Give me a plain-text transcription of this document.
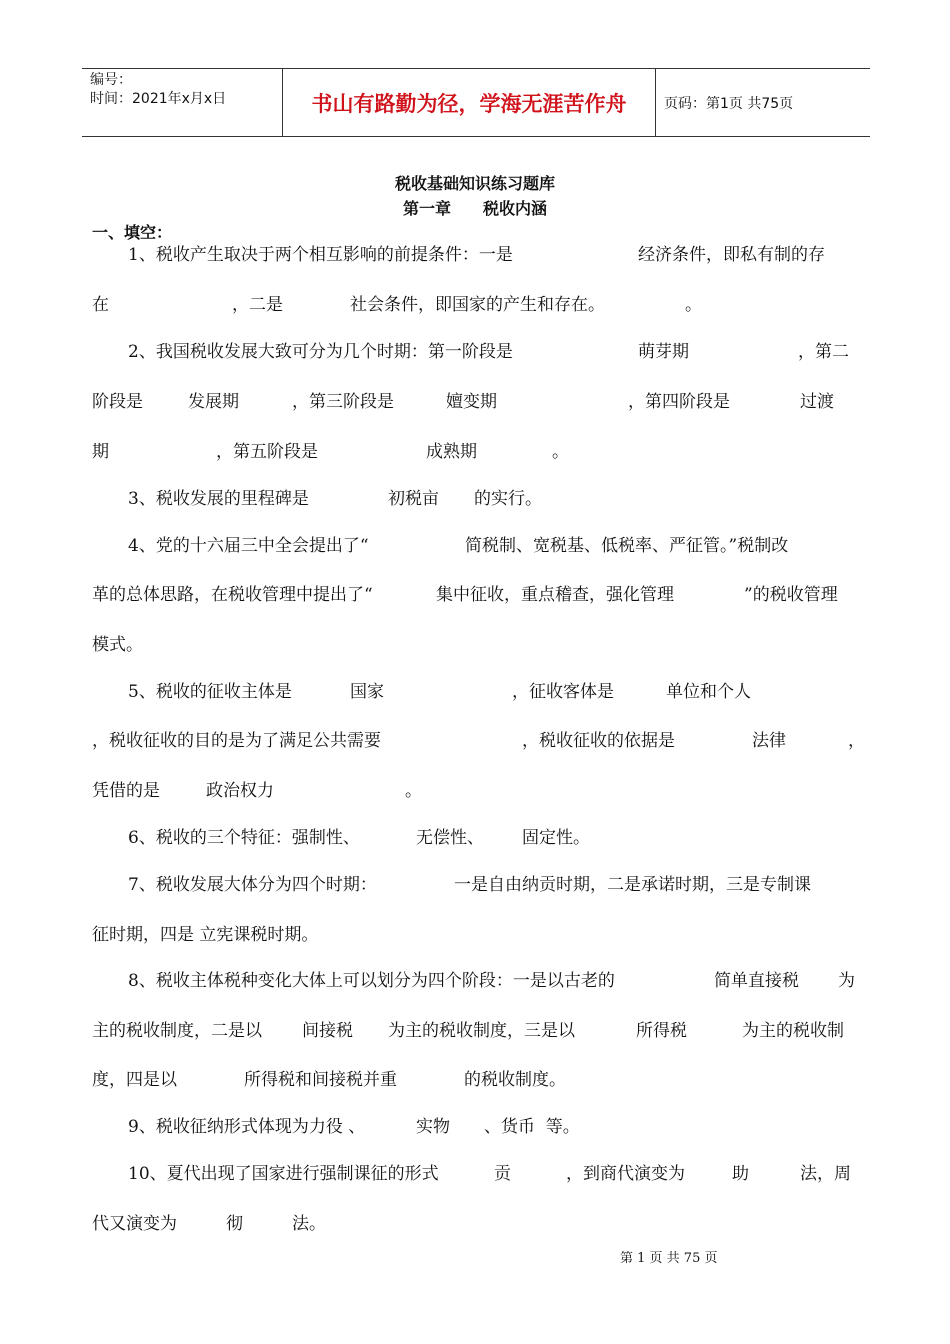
编号：
时间：2021年x月x日	书山有路勤为径，学海无涯苦作舟	页码：第1页 共75页
税收基础知识练习题库
第一章　　税收内涵
一、填空：
1、税收产生取决于两个相互影响的前提条件：一是	经济条件，即私有制的存
在	，二是	社会条件，即国家的产生和存在。	。
2、我国税收发展大致可分为几个时期：第一阶段是	萌芽期	，第二
阶段是	发展期	，第三阶段是	嬗变期	，第四阶段是	过渡
期	，第五阶段是	成熟期	。
3、税收发展的里程碑是	初税亩 的实行。
4、党的十六届三中全会提出了“	简税制、宽税基、低税率、严征管。”税制改
革的总体思路，在税收管理中提出了“	集中征收，重点稽查，强化管理	”的税收管理
模式。
5、税收的征收主体是	国家	，征收客体是	单位和个人
，税收征收的目的是为了满足公共需要	，税收征收的依据是	法律	，
凭借的是	政治权力	。
6、税收的三个特征：强制性、	无偿性、 固定性。
7、税收发展大体分为四个时期：	一是自由纳贡时期，二是承诺时期，三是专制课
征时期，四是 立宪课税时期。
8、税收主体税种变化大体上可以划分为四个阶段：一是以古老的	简单直接税 为
主的税收制度，二是以 间接税 为主的税收制度，三是以	所得税	为主的税收制
度，四是以	所得税和间接税并重	的税收制度。
9、税收征纳形式体现为力役 、	实物 、货币  等。
10、夏代出现了国家进行强制课征的形式	贡	，到商代演变为	助	法，周
代又演变为	彻	法。
第 1 页 共 75 页
